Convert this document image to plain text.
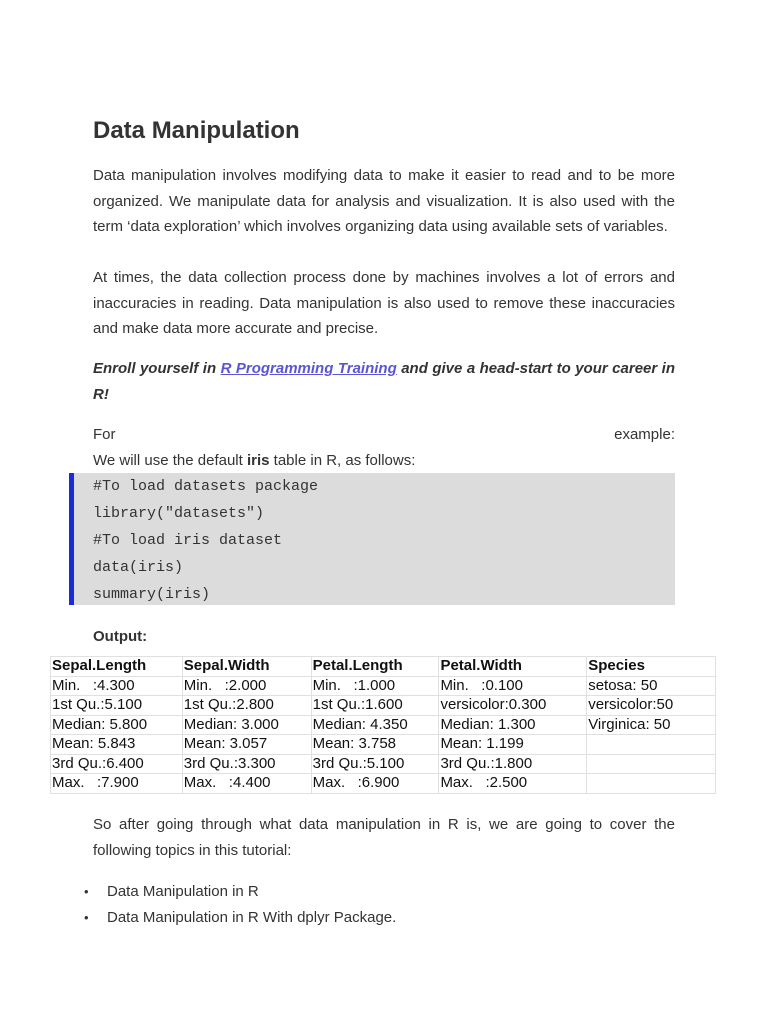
Data Manipulation

Data manipulation involves modifying data to make it easier to read and to be more organized. We manipulate data for analysis and visualization. It is also used with the term ‘data exploration’ which involves organizing data using available sets of variables.

At times, the data collection process done by machines involves a lot of errors and inaccuracies in reading. Data manipulation is also used to remove these inaccuracies and make data more accurate and precise.

Enroll yourself in R Programming Training and give a head-start to your career in R!

For	example:

We will use the default iris table in R, as follows:

#To load datasets package
library("datasets")
#To load iris dataset
data(iris)
summary(iris)

Output:

Sepal.Length	Sepal.Width	Petal.Length	Petal.Width	Species
Min.   :4.300	Min.   :2.000	Min.   :1.000	Min.   :0.100	setosa: 50
1st Qu.:5.100	1st Qu.:2.800	1st Qu.:1.600	versicolor:0.300	versicolor:50
Median: 5.800	Median: 3.000	Median: 4.350	Median: 1.300	Virginica: 50
Mean: 5.843	Mean: 3.057	Mean: 3.758	Mean: 1.199	
3rd Qu.:6.400	3rd Qu.:3.300	3rd Qu.:5.100	3rd Qu.:1.800	
Max.   :7.900	Max.   :4.400	Max.   :6.900	Max.   :2.500	

So after going through what data manipulation in R is, we are going to cover the following topics in this tutorial:

• Data Manipulation in R
• Data Manipulation in R With dplyr Package.
